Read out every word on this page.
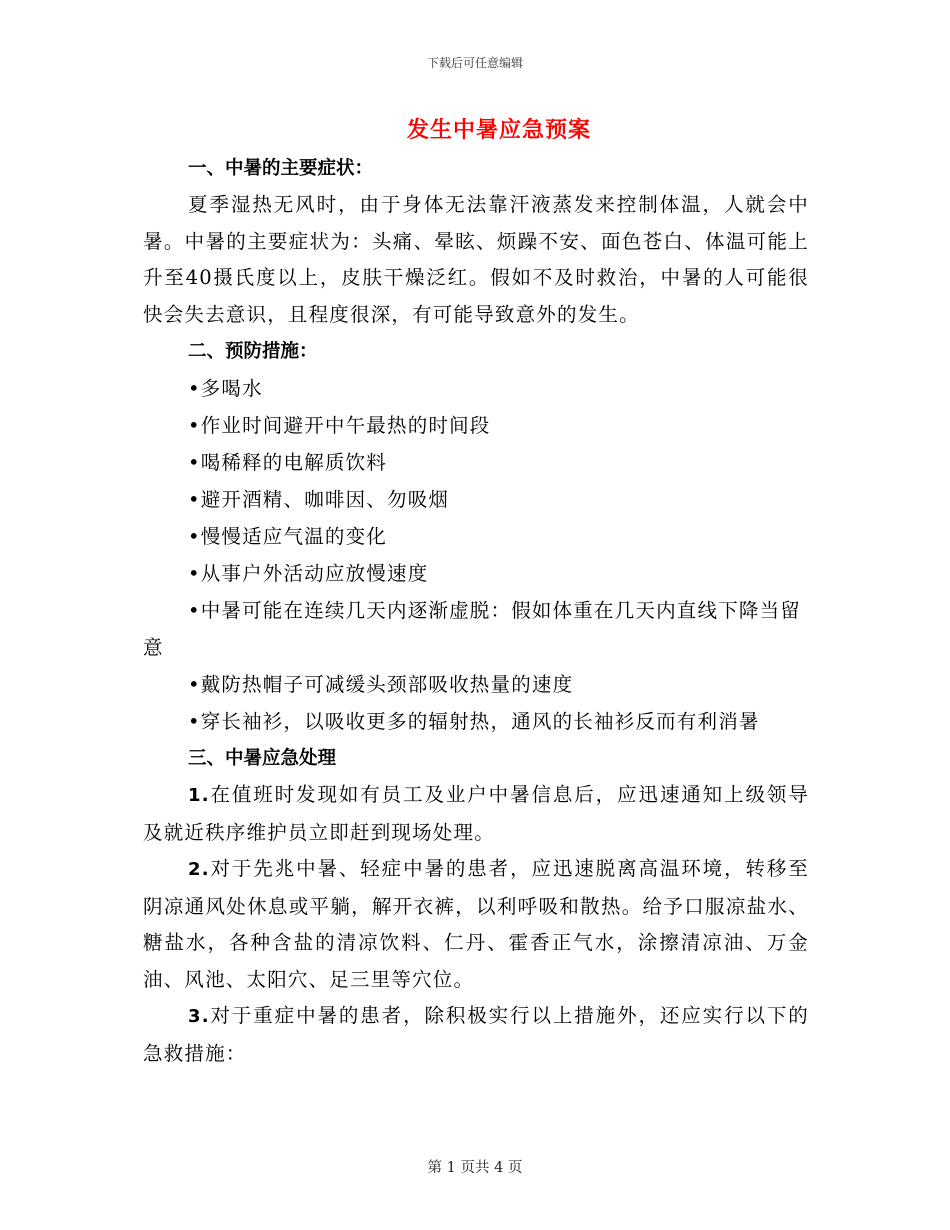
下载后可任意编辑
发生中暑应急预案
一、中暑的主要症状：
夏季湿热无风时，由于身体无法靠汗液蒸发来控制体温，人就会中暑。中暑的主要症状为：头痛、晕眩、烦躁不安、面色苍白、体温可能上升至40摄氏度以上，皮肤干燥泛红。假如不及时救治，中暑的人可能很快会失去意识，且程度很深，有可能导致意外的发生。
二、预防措施：
•多喝水
•作业时间避开中午最热的时间段
•喝稀释的电解质饮料
•避开酒精、咖啡因、勿吸烟
•慢慢适应气温的变化
•从事户外活动应放慢速度
•中暑可能在连续几天内逐渐虚脱：假如体重在几天内直线下降当留意
•戴防热帽子可减缓头颈部吸收热量的速度
•穿长袖衫，以吸收更多的辐射热，通风的长袖衫反而有利消暑
三、中暑应急处理
1.在值班时发现如有员工及业户中暑信息后，应迅速通知上级领导及就近秩序维护员立即赶到现场处理。
2.对于先兆中暑、轻症中暑的患者，应迅速脱离高温环境，转移至阴凉通风处休息或平躺，解开衣裤，以利呼吸和散热。给予口服凉盐水、糖盐水，各种含盐的清凉饮料、仁丹、霍香正气水，涂擦清凉油、万金油、风池、太阳穴、足三里等穴位。
3.对于重症中暑的患者，除积极实行以上措施外，还应实行以下的急救措施：
第 1 页共 4 页
